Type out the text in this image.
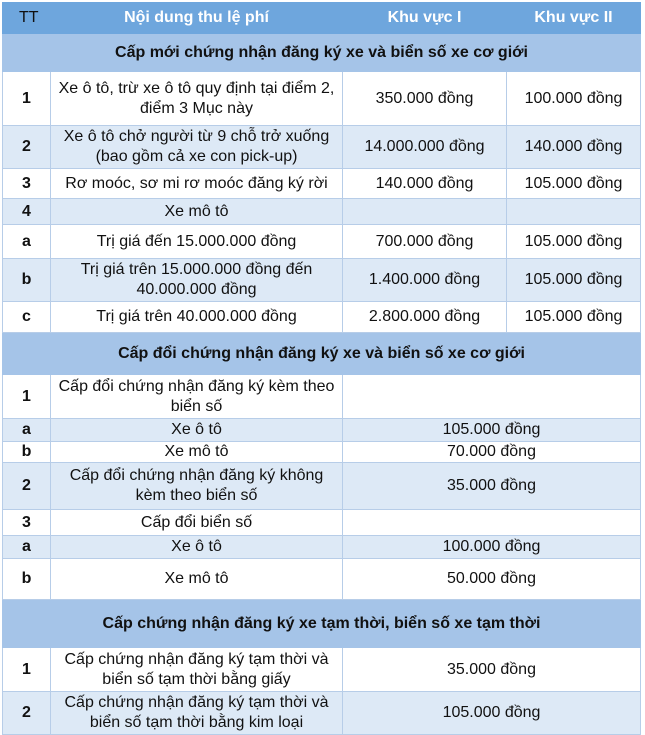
TT	Nội dung thu lệ phí	Khu vực I	Khu vực II
Cấp mới chứng nhận đăng ký xe và biển số xe cơ giới			
1	Xe ô tô, trừ xe ô tô quy định tại điểm 2, điểm 3 Mục này	350.000 đồng	100.000 đồng
2	Xe ô tô chở người từ 9 chỗ trở xuống (bao gồm cả xe con pick-up)	14.000.000 đồng	140.000 đồng
3	Rơ moóc, sơ mi rơ moóc đăng ký rời	140.000 đồng	105.000 đồng
4	Xe mô tô		
a	Trị giá đến 15.000.000 đồng	700.000 đồng	105.000 đồng
b	Trị giá trên 15.000.000 đồng đến 40.000.000 đồng	1.400.000 đồng	105.000 đồng
c	Trị giá trên 40.000.000 đồng	2.800.000 đồng	105.000 đồng
Cấp đổi chứng nhận đăng ký xe và biển số xe cơ giới			
1	Cấp đổi chứng nhận đăng ký kèm theo biển số		
a	Xe ô tô	105.000 đồng	
b	Xe mô tô	70.000 đồng	
2	Cấp đổi chứng nhận đăng ký không kèm theo biển số	35.000 đồng	
3	Cấp đổi biển số		
a	Xe ô tô	100.000 đồng	
b	Xe mô tô	50.000 đồng	
Cấp chứng nhận đăng ký xe tạm thời, biển số xe tạm thời			
1	Cấp chứng nhận đăng ký tạm thời và biển số tạm thời bằng giấy	35.000 đồng	
2	Cấp chứng nhận đăng ký tạm thời và biển số tạm thời bằng kim loại	105.000 đồng	
